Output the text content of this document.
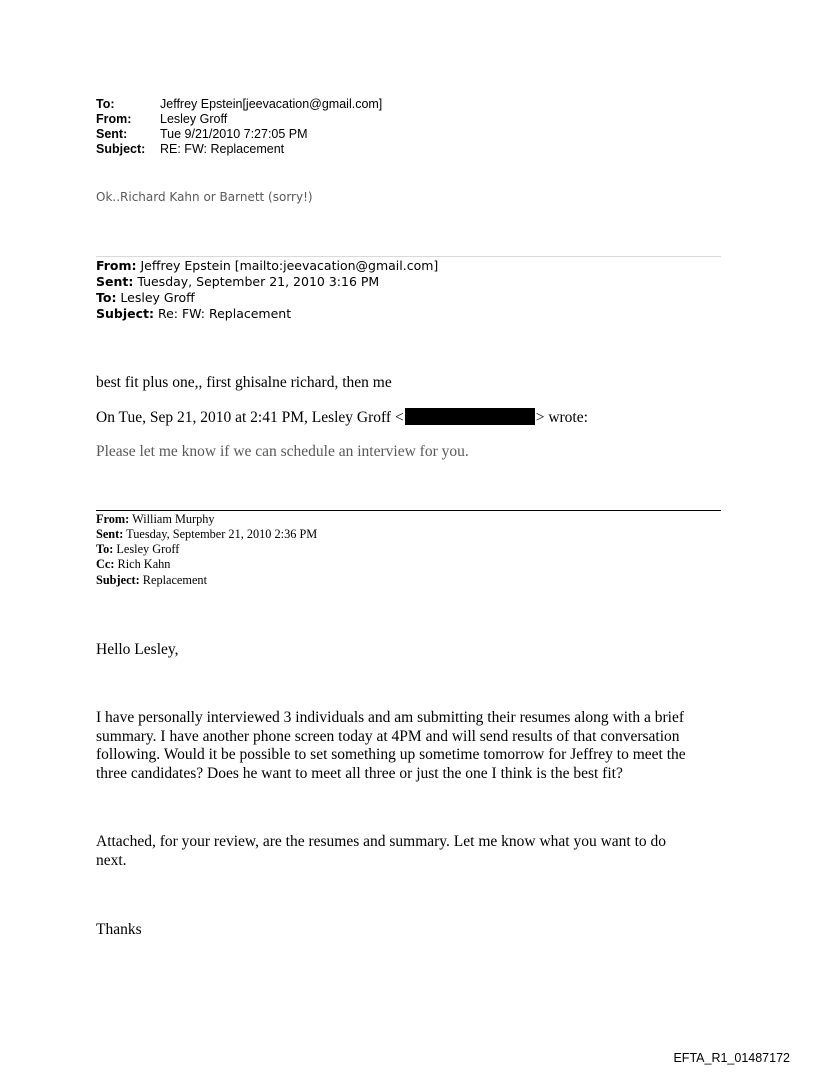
To:	Jeffrey Epstein[jeevacation@gmail.com]
From: Lesley Groff
Sent:	Tue 9/21/2010 7:27:05 PM
Subject: RE: FW: Replacement
Ok..Richard Kahn or Barnett (sorry!)
From: Jeffrey Epstein [mailto:jeevacation@gmail.com]
Sent: Tuesday, September 21, 2010 3:16 PM
To: Lesley Groff
Subject: Re: FW: Replacement
best fit plus one,, first ghisalne richard, then me
On Tue, Sep 21, 2010 at 2:41 PM, Lesley Groff <	> wrote:
Please let me know if we can schedule an interview for you.
From: William Murphy
Sent: Tuesday, September 21, 2010 2:36 PM
To: Lesley Groff
Cc: Rich Kahn
Subject: Replacement
Hello Lesley,
I have personally interviewed 3 individuals and am submitting their resumes along with a brief
summary. I have another phone screen today at 4PM and will send results of that conversation
following. Would it be possible to set something up sometime tomorrow for Jeffrey to meet the
three candidates? Does he want to meet all three or just the one I think is the best fit?
Attached, for your review, are the resumes and summary. Let me know what you want to do
next.
Thanks
EFTA_R1_01487172
